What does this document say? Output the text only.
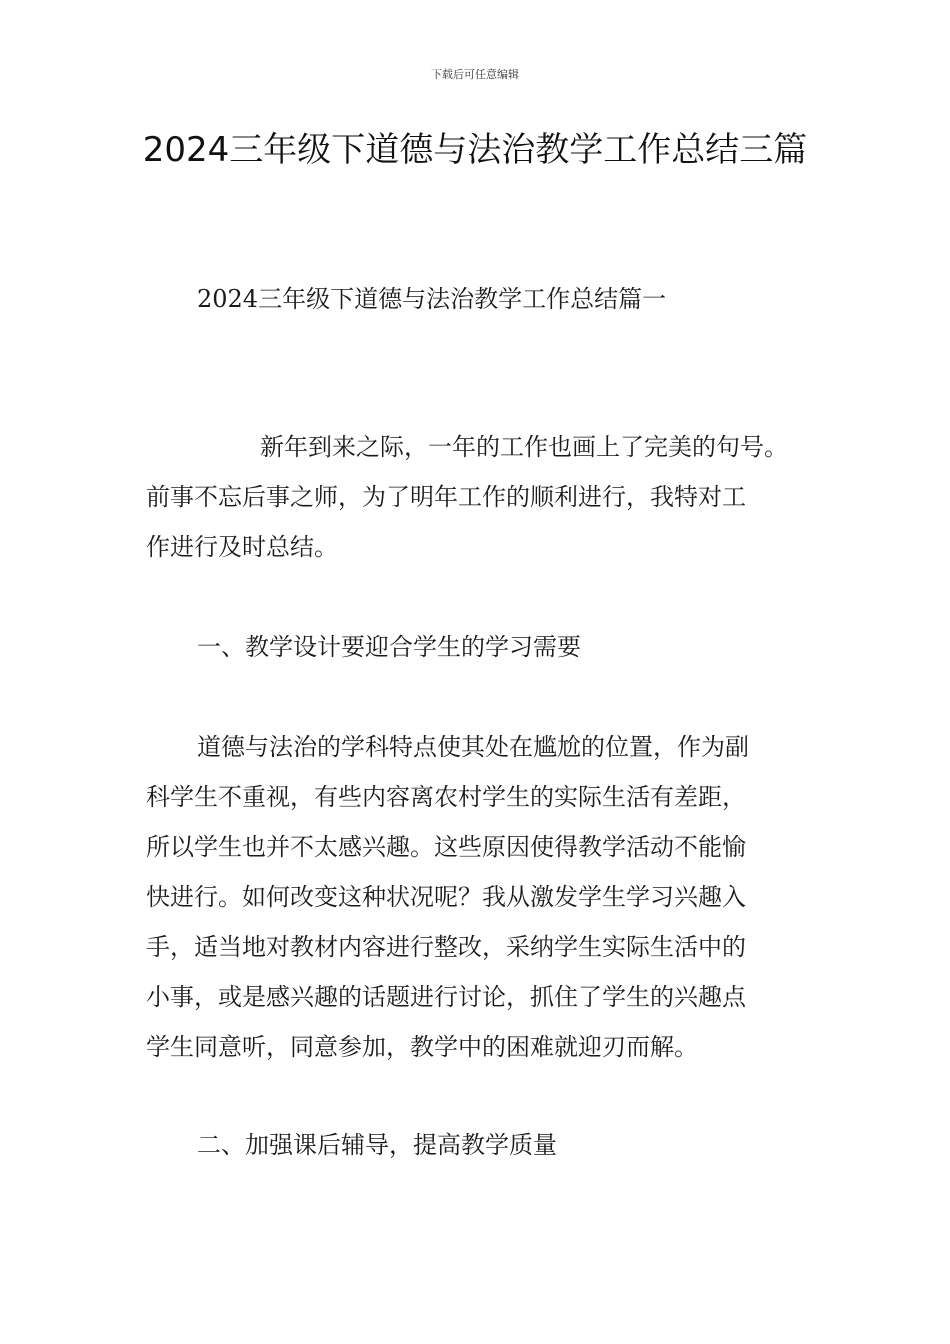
下载后可任意编辑
2024三年级下道德与法治教学工作总结三篇
2024三年级下道德与法治教学工作总结篇一
新年到来之际，一年的工作也画上了完美的句号。
前事不忘后事之师，为了明年工作的顺利进行，我特对工
作进行及时总结。
一、教学设计要迎合学生的学习需要
道德与法治的学科特点使其处在尴尬的位置，作为副
科学生不重视，有些内容离农村学生的实际生活有差距，
所以学生也并不太感兴趣。这些原因使得教学活动不能愉
快进行。如何改变这种状况呢？我从激发学生学习兴趣入
手，适当地对教材内容进行整改，采纳学生实际生活中的
小事，或是感兴趣的话题进行讨论，抓住了学生的兴趣点
学生同意听，同意参加，教学中的困难就迎刃而解。
二、加强课后辅导，提高教学质量
